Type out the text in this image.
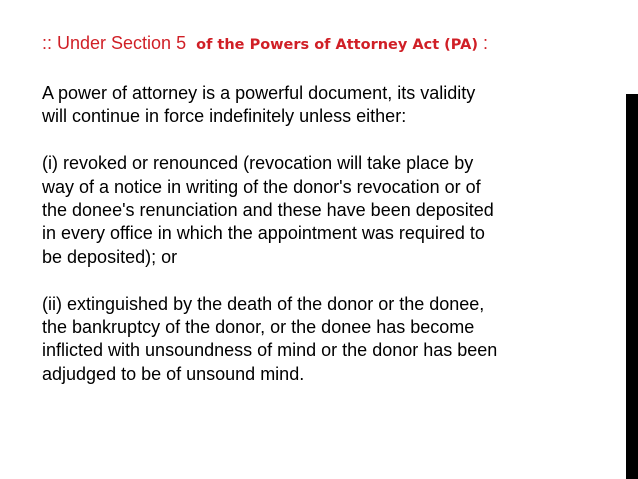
:: Under Section 5 of the Powers of Attorney Act (PA) :

A power of attorney is a powerful document, its validity
will continue in force indefinitely unless either:

(i) revoked or renounced (revocation will take place by
way of a notice in writing of the donor's revocation or of
the donee's renunciation and these have been deposited
in every office in which the appointment was required to
be deposited); or

(ii) extinguished by the death of the donor or the donee,
the bankruptcy of the donor, or the donee has become
inflicted with unsoundness of mind or the donor has been
adjudged to be of unsound mind.
